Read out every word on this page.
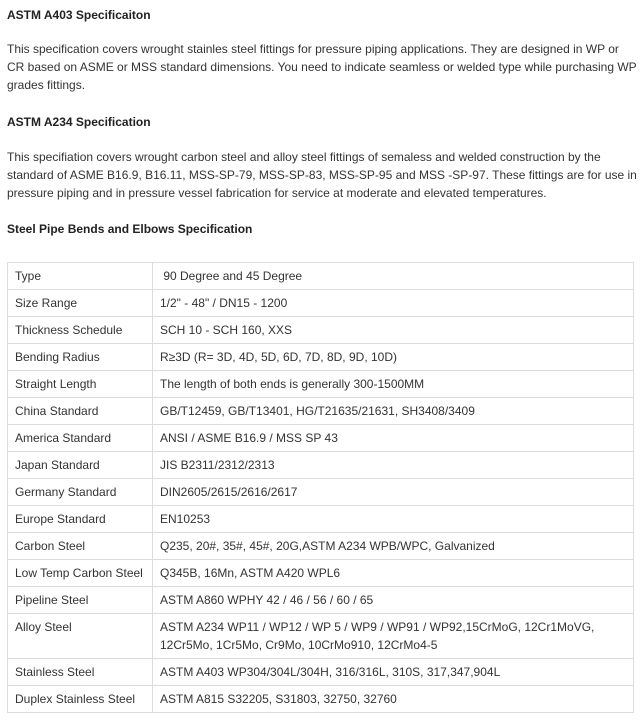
ASTM A403 Specificaiton

This specification covers wrought stainles steel fittings for pressure piping applications. They are designed in WP or CR based on ASME or MSS standard dimensions. You need to indicate seamless or welded type while purchasing WP grades fittings.

ASTM A234 Specification

This specifiation covers wrought carbon steel and alloy steel fittings of semaless and welded construction by the standard of ASME B16.9, B16.11, MSS-SP-79, MSS-SP-83, MSS-SP-95 and MSS -SP-97. These fittings are for use in pressure piping and in pressure vessel fabrication for service at moderate and elevated temperatures.

Steel Pipe Bends and Elbows Specification
Type	90 Degree and 45 Degree
Size Range	1/2" - 48" / DN15 - 1200
Thickness Schedule	SCH 10 - SCH 160, XXS
Bending Radius	R≥3D (R= 3D, 4D, 5D, 6D, 7D, 8D, 9D, 10D)
Straight Length	The length of both ends is generally 300-1500MM
China Standard	GB/T12459, GB/T13401, HG/T21635/21631, SH3408/3409
America Standard	ANSI / ASME B16.9 / MSS SP 43
Japan Standard	JIS B2311/2312/2313
Germany Standard	DIN2605/2615/2616/2617
Europe Standard	EN10253
Carbon Steel	Q235, 20#, 35#, 45#, 20G,ASTM A234 WPB/WPC, Galvanized
Low Temp Carbon Steel	Q345B, 16Mn, ASTM A420 WPL6
Pipeline Steel	ASTM A860 WPHY 42 / 46 / 56 / 60 / 65
Alloy Steel	ASTM A234 WP11 / WP12 / WP 5 / WP9 / WP91 / WP92,15CrMoG, 12Cr1MoVG, 12Cr5Mo, 1Cr5Mo, Cr9Mo, 10CrMo910, 12CrMo4-5
Stainless Steel	ASTM A403 WP304/304L/304H, 316/316L, 310S, 317,347,904L
Duplex Stainless Steel	ASTM A815 S32205, S31803, 32750, 32760
